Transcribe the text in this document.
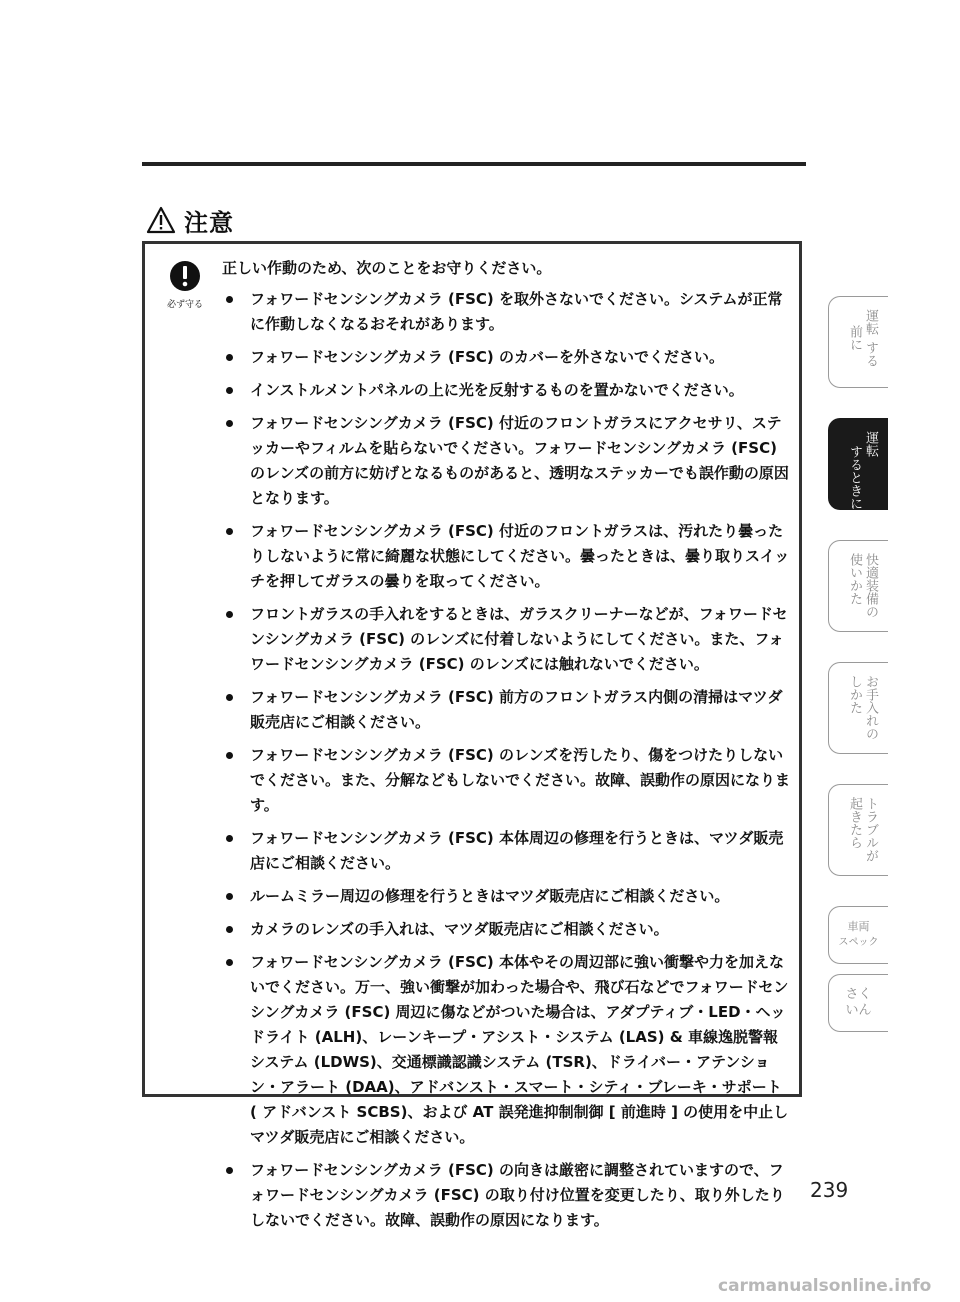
注意
必ず守る

正しい作動のため、次のことをお守りください。

フォワードセンシングカメラ (FSC) を取外さないでください。システムが正常に作動しなくなるおそれがあります。
フォワードセンシングカメラ (FSC) のカバーを外さないでください。
インストルメントパネルの上に光を反射するものを置かないでください。
フォワードセンシングカメラ (FSC) 付近のフロントガラスにアクセサリ、ステッカーやフィルムを貼らないでください。フォワードセンシングカメラ (FSC) のレンズの前方に妨げとなるものがあると、透明なステッカーでも誤作動の原因となります。
フォワードセンシングカメラ (FSC) 付近のフロントガラスは、汚れたり曇ったりしないように常に綺麗な状態にしてください。曇ったときは、曇り取りスイッチを押してガラスの曇りを取ってください。
フロントガラスの手入れをするときは、ガラスクリーナーなどが、フォワードセンシングカメラ (FSC) のレンズに付着しないようにしてください。また、フォワードセンシングカメラ (FSC) のレンズには触れないでください。
フォワードセンシングカメラ (FSC) 前方のフロントガラス内側の清掃はマツダ販売店にご相談ください。
フォワードセンシングカメラ (FSC) のレンズを汚したり、傷をつけたりしないでください。また、分解などもしないでください。故障、誤動作の原因になります。
フォワードセンシングカメラ (FSC) 本体周辺の修理を行うときは、マツダ販売店にご相談ください。
ルームミラー周辺の修理を行うときはマツダ販売店にご相談ください。
カメラのレンズの手入れは、マツダ販売店にご相談ください。
フォワードセンシングカメラ (FSC) 本体やその周辺部に強い衝撃や力を加えないでください。万一、強い衝撃が加わった場合や、飛び石などでフォワードセンシングカメラ (FSC) 周辺に傷などがついた場合は、アダプティブ・LED・ヘッドライト (ALH)、レーンキープ・アシスト・システム (LAS) & 車線逸脱警報システム (LDWS)、交通標識認識システム (TSR)、ドライバー・アテンション・アラート (DAA)、アドバンスト・スマート・シティ・ブレーキ・サポート ( アドバンスト SCBS)、および AT 誤発進抑制制御 [ 前進時 ] の使用を中止しマツダ販売店にご相談ください。
フォワードセンシングカメラ (FSC) の向きは厳密に調整されていますので、フォワードセンシングカメラ (FSC) の取り付け位置を変更したり、取り外したりしないでください。故障、誤動作の原因になります。
運転
前に
する
運転
するときに
快適装備の
使いかた
お手入れの
しかた
トラブルが
起きたら
車両
スペック
さく
いん
239
carmanualsonline.info
